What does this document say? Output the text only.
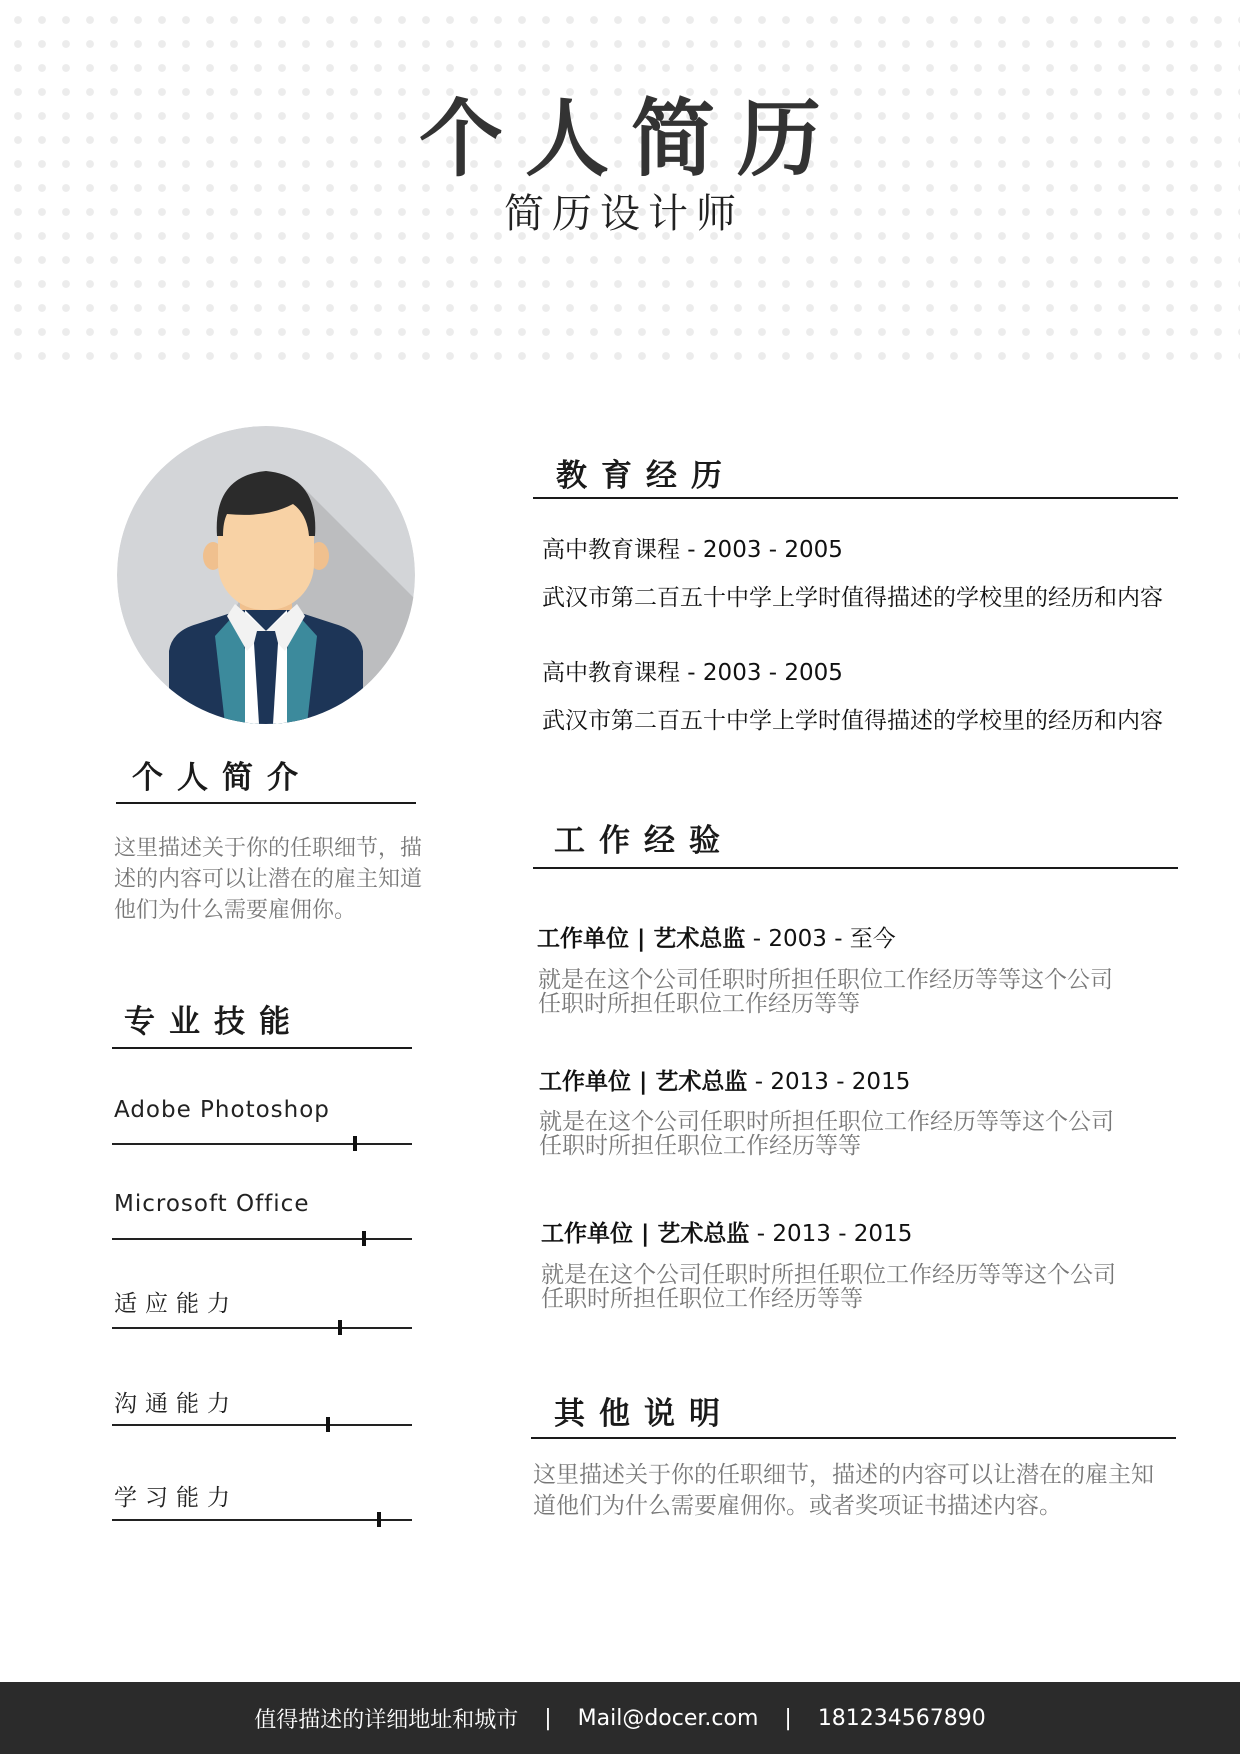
个人简历
简历设计师
个人简介
这里描述关于你的任职细节，描述的内容可以让潜在的雇主知道他们为什么需要雇佣你。
专业技能
Adobe Photoshop
Microsoft Office
适应能力
沟通能力
学习能力
教育经历
高中教育课程 - 2003 - 2005
武汉市第二百五十中学上学时值得描述的学校里的经历和内容
高中教育课程 - 2003 - 2005
武汉市第二百五十中学上学时值得描述的学校里的经历和内容
工作经验
工作单位 | 艺术总监 - 2003 - 至今
就是在这个公司任职时所担任职位工作经历等等这个公司
任职时所担任职位工作经历等等
工作单位 | 艺术总监 - 2013 - 2015
就是在这个公司任职时所担任职位工作经历等等这个公司
任职时所担任职位工作经历等等
工作单位 | 艺术总监 - 2013 - 2015
就是在这个公司任职时所担任职位工作经历等等这个公司
任职时所担任职位工作经历等等
其他说明
这里描述关于你的任职细节，描述的内容可以让潜在的雇主知道他们为什么需要雇佣你。或者奖项证书描述内容。
值得描述的详细地址和城市 | Mail@docer.com | 181234567890
